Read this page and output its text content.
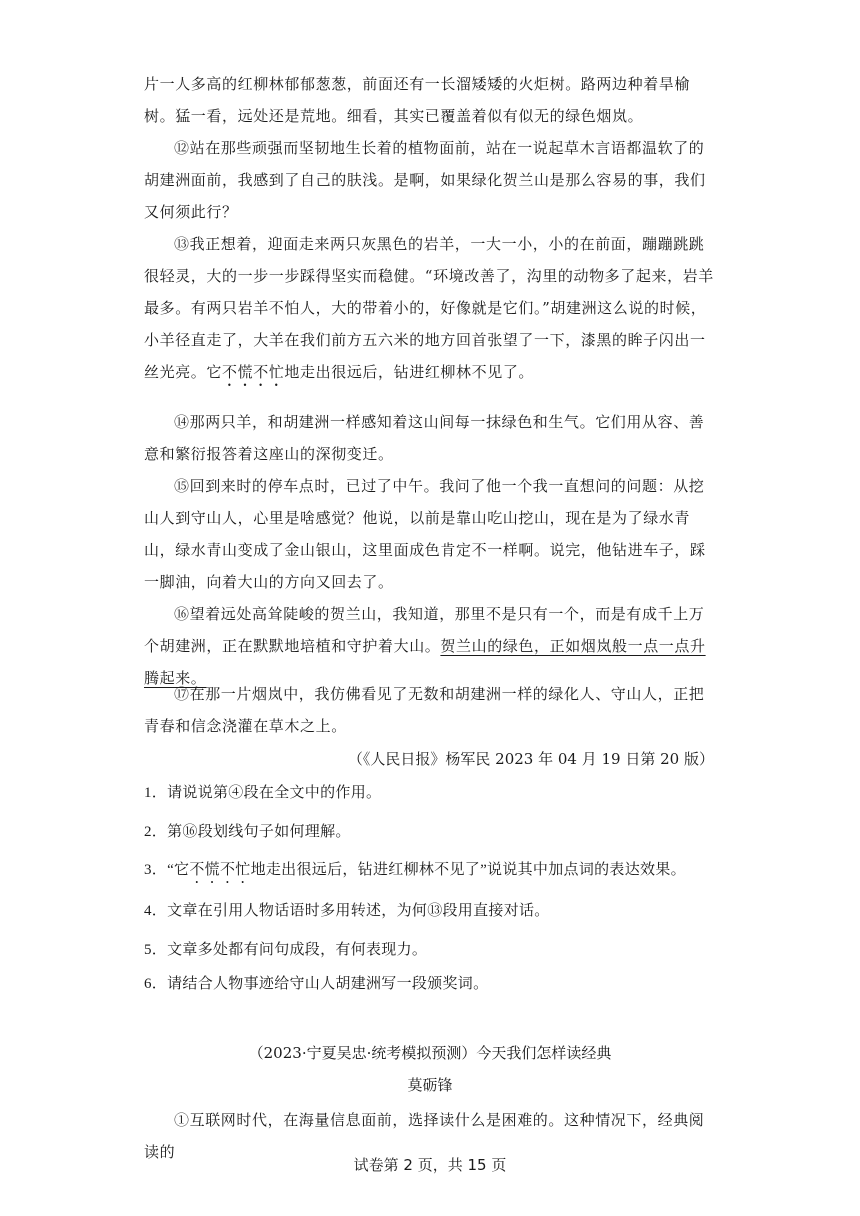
片一人多高的红柳林郁郁葱葱，前面还有一长溜矮矮的火炬树。路两边种着旱榆树。猛一看，远处还是荒地。细看，其实已覆盖着似有似无的绿色烟岚。

⑫站在那些顽强而坚韧地生长着的植物面前，站在一说起草木言语都温软了的胡建洲面前，我感到了自己的肤浅。是啊，如果绿化贺兰山是那么容易的事，我们又何须此行？

⑬我正想着，迎面走来两只灰黑色的岩羊，一大一小，小的在前面，蹦蹦跳跳很轻灵，大的一步一步踩得坚实而稳健。“环境改善了，沟里的动物多了起来，岩羊最多。有两只岩羊不怕人，大的带着小的，好像就是它们。”胡建洲这么说的时候，小羊径直走了，大羊在我们前方五六米的地方回首张望了一下，漆黑的眸子闪出一丝光亮。它不慌不忙地走出很远后，钻进红柳林不见了。

⑭那两只羊，和胡建洲一样感知着这山间每一抹绿色和生气。它们用从容、善意和繁衍报答着这座山的深彻变迁。

⑮回到来时的停车点时，已过了中午。我问了他一个我一直想问的问题：从挖山人到守山人，心里是啥感觉？他说，以前是靠山吃山挖山，现在是为了绿水青山，绿水青山变成了金山银山，这里面成色肯定不一样啊。说完，他钻进车子，踩一脚油，向着大山的方向又回去了。

⑯望着远处高耸陡峻的贺兰山，我知道，那里不是只有一个，而是有成千上万个胡建洲，正在默默地培植和守护着大山。贺兰山的绿色，正如烟岚般一点一点升腾起来。

⑰在那一片烟岚中，我仿佛看见了无数和胡建洲一样的绿化人、守山人，正把青春和信念浇灌在草木之上。

（《人民日报》杨军民 2023 年 04 月 19 日第 20 版）
1．请说说第④段在全文中的作用。
2．第⑯段划线句子如何理解。
3．“它不慌不忙地走出很远后，钻进红柳林不见了”说说其中加点词的表达效果。
4．文章在引用人物话语时多用转述，为何⑬段用直接对话。
5．文章多处都有问句成段，有何表现力。
6．请结合人物事迹给守山人胡建洲写一段颁奖词。
（2023·宁夏吴忠·统考模拟预测）今天我们怎样读经典
莫砺锋

①互联网时代，在海量信息面前，选择读什么是困难的。这种情况下，经典阅读的

试卷第 2 页，共 15 页
